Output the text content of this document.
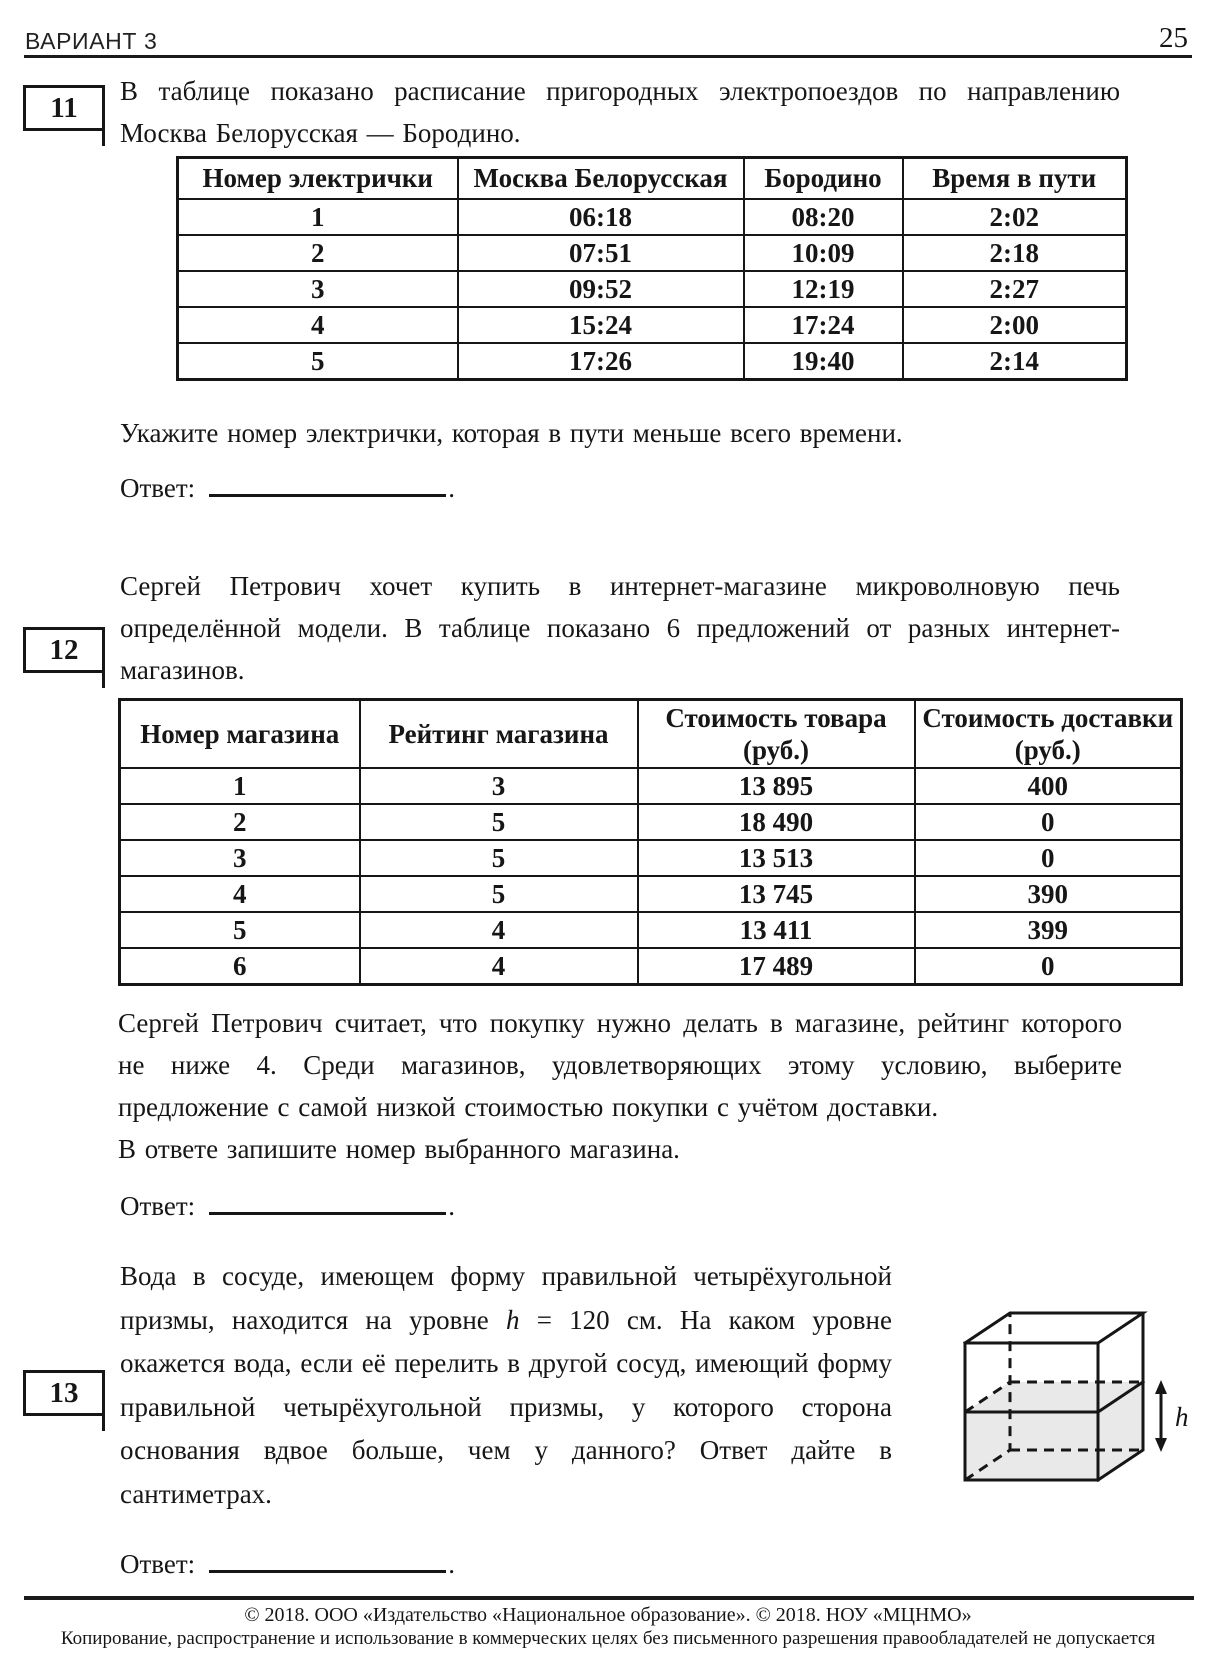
ВАРИАНТ 3	25
11
В таблице показано расписание пригородных электропоездов по направлению Москва Белорусская — Бородино.
Номер электрички	Москва Белорусская	Бородино	Время в пути
1	06:18	08:20	2:02
2	07:51	10:09	2:18
3	09:52	12:19	2:27
4	15:24	17:24	2:00
5	17:26	19:40	2:14
Укажите номер электрички, которая в пути меньше всего времени.
Ответ:	.
12
Сергей Петрович хочет купить в интернет-магазине микроволновую печь определённой модели. В таблице показано 6 предложений от разных интернет-магазинов.
Номер магазина	Рейтинг магазина	Стоимость товара (руб.)	Стоимость доставки (руб.)
1	3	13 895	400
2	5	18 490	0
3	5	13 513	0
4	5	13 745	390
5	4	13 411	399
6	4	17 489	0
Сергей Петрович считает, что покупку нужно делать в магазине, рейтинг которого не ниже 4. Среди магазинов, удовлетворяющих этому условию, выберите предложение с самой низкой стоимостью покупки с учётом доставки.
В ответе запишите номер выбранного магазина.
Ответ:	.
13
Вода в сосуде, имеющем форму правильной четырёхугольной призмы, находится на уровне h = 120 см. На каком уровне окажется вода, если её перелить в другой сосуд, имеющий форму правильной четырёхугольной призмы, у которого сторона основания вдвое больше, чем у данного? Ответ дайте в сантиметрах.
h
Ответ:	.
© 2018. ООО «Издательство «Национальное образование». © 2018. НОУ «МЦНМО»
Копирование, распространение и использование в коммерческих целях без письменного разрешения правообладателей не допускается
